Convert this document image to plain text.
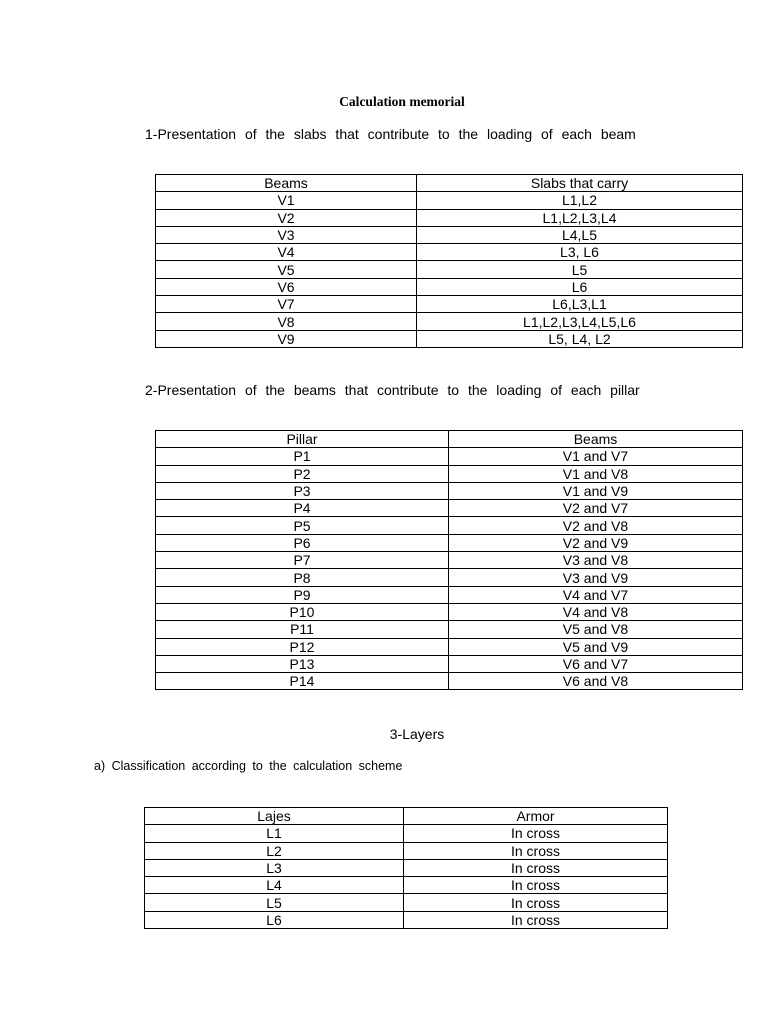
Calculation memorial
1-Presentation of the slabs that contribute to the loading of each beam
Beams	Slabs that carry
V1	L1,L2
V2	L1,L2,L3,L4
V3	L4,L5
V4	L3, L6
V5	L5
V6	L6
V7	L6,L3,L1
V8	L1,L2,L3,L4,L5,L6
V9	L5, L4, L2
2-Presentation of the beams that contribute to the loading of each pillar
Pillar	Beams
P1	V1 and V7
P2	V1 and V8
P3	V1 and V9
P4	V2 and V7
P5	V2 and V8
P6	V2 and V9
P7	V3 and V8
P8	V3 and V9
P9	V4 and V7
P10	V4 and V8
P11	V5 and V8
P12	V5 and V9
P13	V6 and V7
P14	V6 and V8
3-Layers
a) Classification according to the calculation scheme
Lajes	Armor
L1	In cross
L2	In cross
L3	In cross
L4	In cross
L5	In cross
L6	In cross
